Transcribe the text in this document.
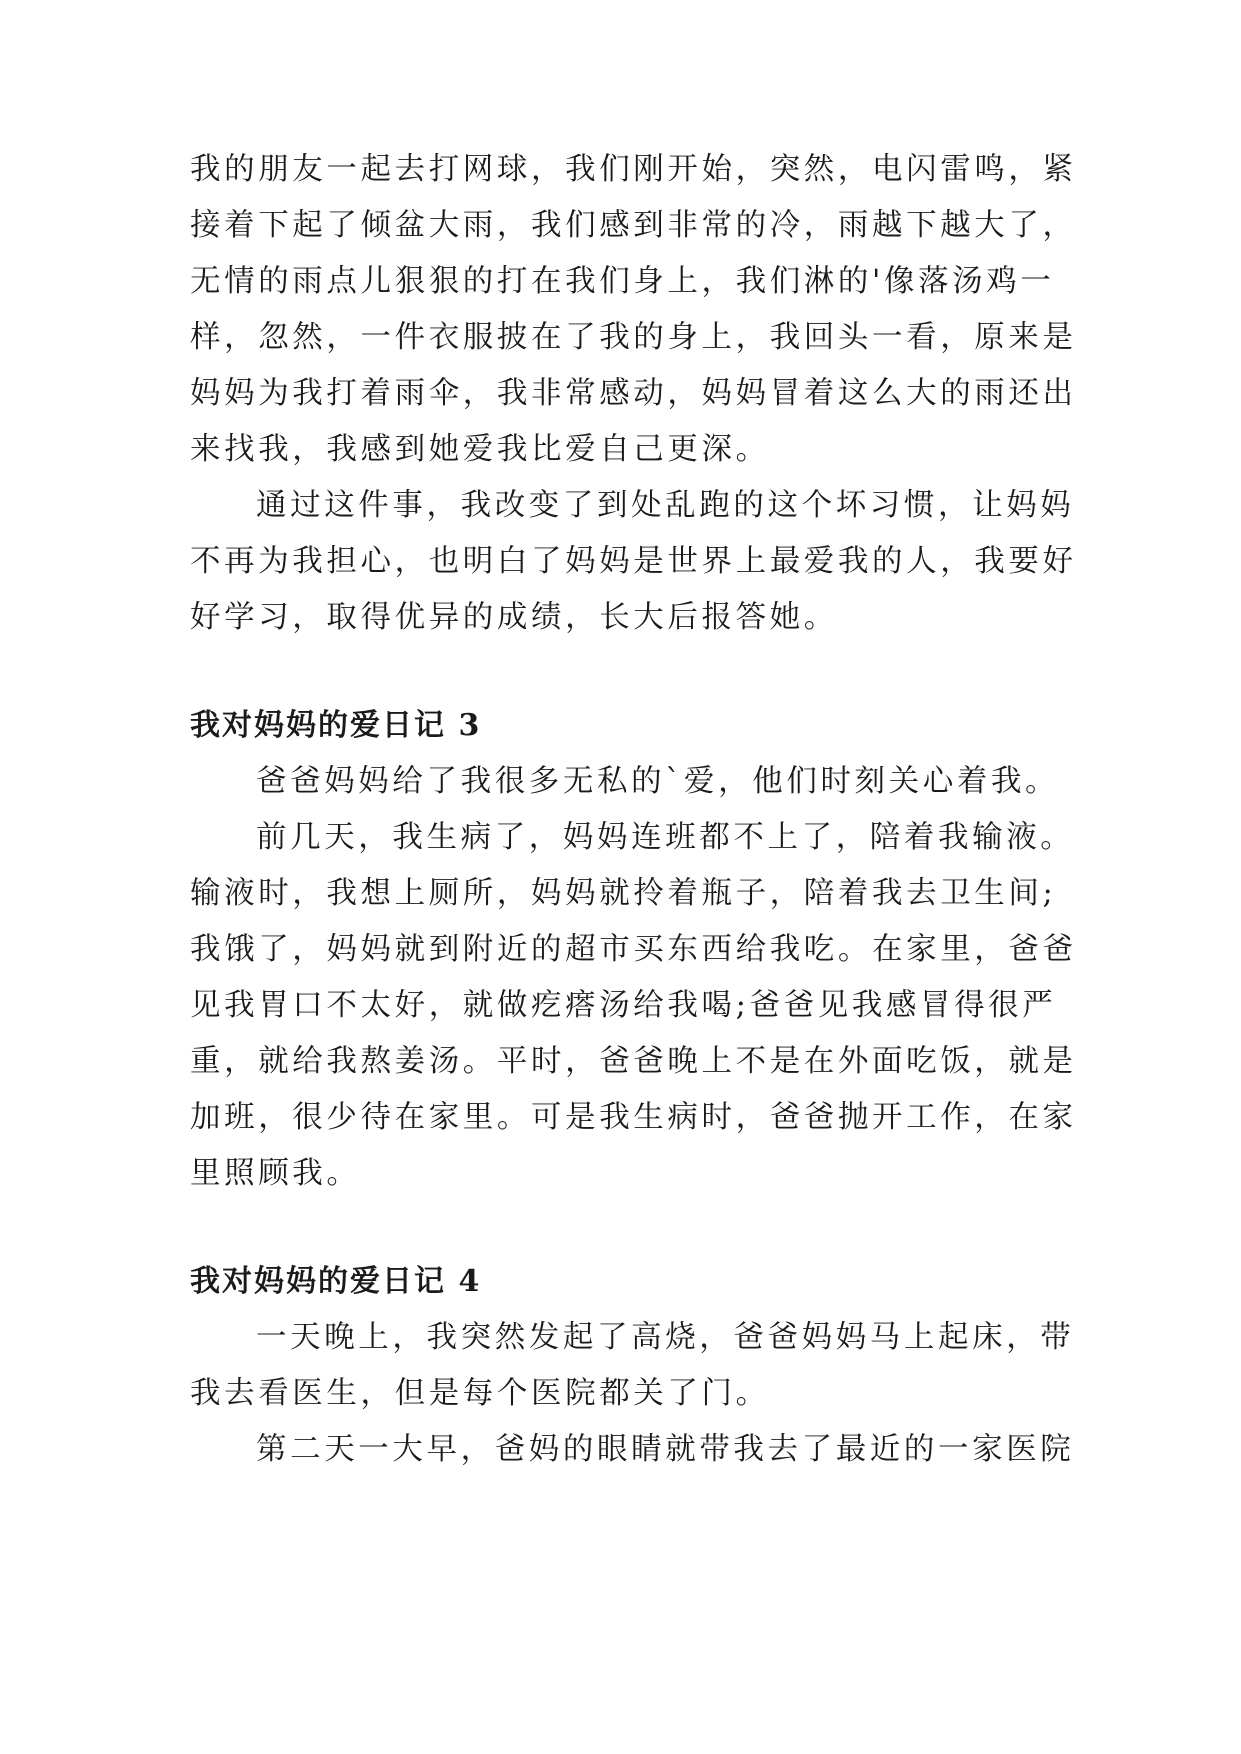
我的朋友一起去打网球，我们刚开始，突然，电闪雷鸣，紧

接着下起了倾盆大雨，我们感到非常的冷，雨越下越大了，

无情的雨点儿狠狠的打在我们身上，我们淋的'像落汤鸡一

样，忽然，一件衣服披在了我的身上，我回头一看，原来是

妈妈为我打着雨伞，我非常感动，妈妈冒着这么大的雨还出

来找我，我感到她爱我比爱自己更深。

通过这件事，我改变了到处乱跑的这个坏习惯，让妈妈

不再为我担心，也明白了妈妈是世界上最爱我的人，我要好

好学习，取得优异的成绩，长大后报答她。

我对妈妈的爱日记 3

爸爸妈妈给了我很多无私的`爱，他们时刻关心着我。

前几天，我生病了，妈妈连班都不上了，陪着我输液。

输液时，我想上厕所，妈妈就拎着瓶子，陪着我去卫生间;

我饿了，妈妈就到附近的超市买东西给我吃。在家里，爸爸

见我胃口不太好，就做疙瘩汤给我喝;爸爸见我感冒得很严

重，就给我熬姜汤。平时，爸爸晚上不是在外面吃饭，就是

加班，很少待在家里。可是我生病时，爸爸抛开工作，在家

里照顾我。

我对妈妈的爱日记 4

一天晚上，我突然发起了高烧，爸爸妈妈马上起床，带

我去看医生，但是每个医院都关了门。

第二天一大早，爸妈的眼睛就带我去了最近的一家医院
